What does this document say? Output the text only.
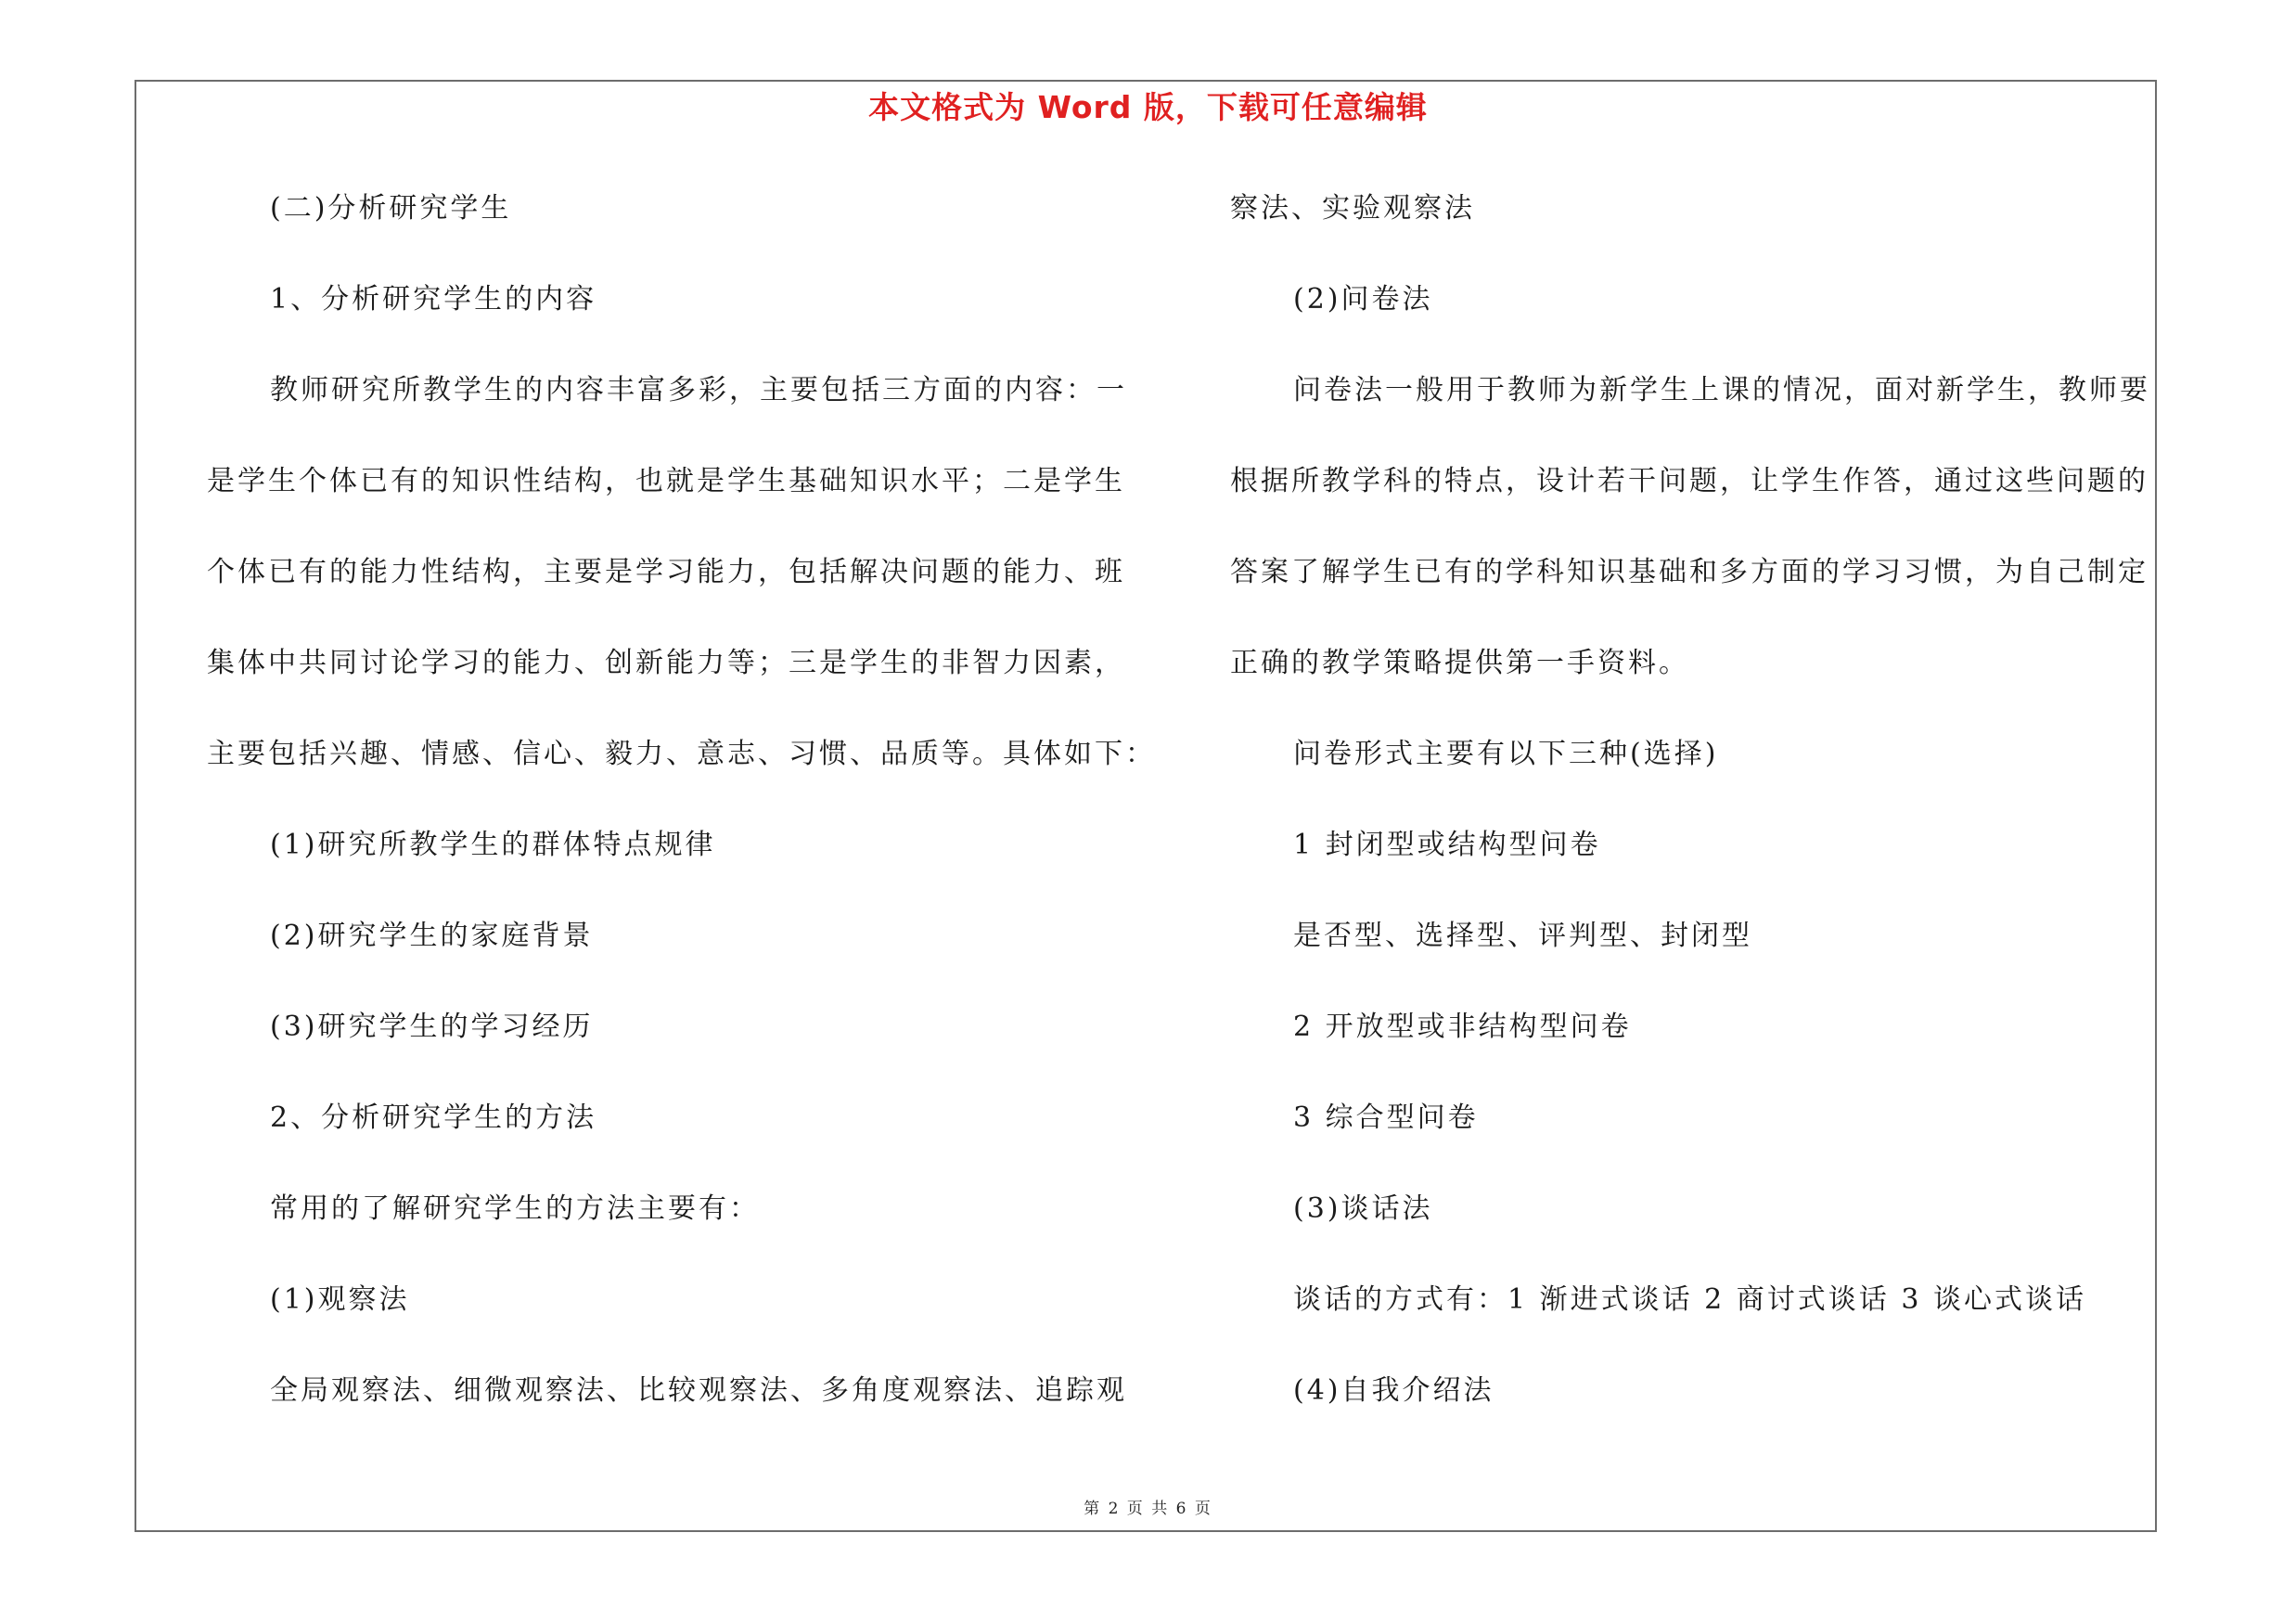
本文格式为 Word 版，下载可任意编辑
(二)分析研究学生
1、分析研究学生的内容
教师研究所教学生的内容丰富多彩，主要包括三方面的内容：一
是学生个体已有的知识性结构，也就是学生基础知识水平；二是学生
个体已有的能力性结构，主要是学习能力，包括解决问题的能力、班
集体中共同讨论学习的能力、创新能力等；三是学生的非智力因素，
主要包括兴趣、情感、信心、毅力、意志、习惯、品质等。具体如下：
(1)研究所教学生的群体特点规律
(2)研究学生的家庭背景
(3)研究学生的学习经历
2、分析研究学生的方法
常用的了解研究学生的方法主要有：
(1)观察法
全局观察法、细微观察法、比较观察法、多角度观察法、追踪观
察法、实验观察法
(2)问卷法
问卷法一般用于教师为新学生上课的情况，面对新学生，教师要
根据所教学科的特点，设计若干问题，让学生作答，通过这些问题的
答案了解学生已有的学科知识基础和多方面的学习习惯，为自己制定
正确的教学策略提供第一手资料。
问卷形式主要有以下三种(选择)
1 封闭型或结构型问卷
是否型、选择型、评判型、封闭型
2 开放型或非结构型问卷
3 综合型问卷
(3)谈话法
谈话的方式有：1 渐进式谈话 2 商讨式谈话 3 谈心式谈话
(4)自我介绍法
第 2 页 共 6 页
